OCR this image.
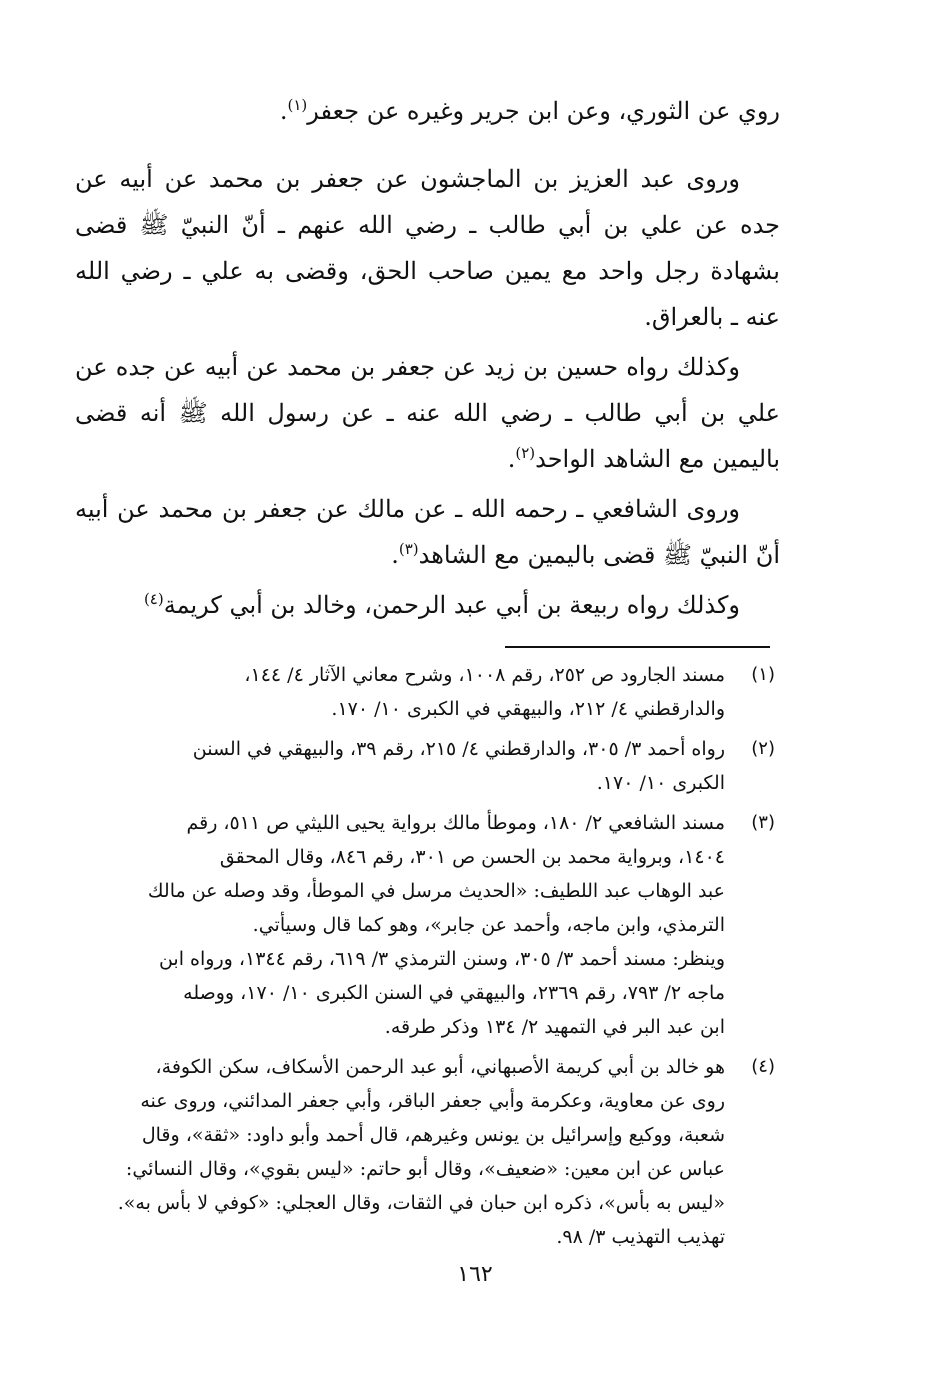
روي عن الثوري، وعن ابن جرير وغيره عن جعفر$^{(١)}$.

وروى عبد العزيز بن الماجشون عن جعفر بن محمد عن أبيه عن جده عن علي بن أبي طالب ـ رضي الله عنهم ـ أنّ النبيّ ﷺ قضى بشهادة رجل واحد مع يمين صاحب الحق، وقضى به علي ـ رضي الله عنه ـ بالعراق.

وكذلك رواه حسين بن زيد عن جعفر بن محمد عن أبيه عن جده عن علي بن أبي طالب ـ رضي الله عنه ـ عن رسول الله ﷺ أنه قضى باليمين مع الشاهد الواحد$^{(٢)}$.

وروى الشافعي ـ رحمه الله ـ عن مالك عن جعفر بن محمد عن أبيه أنّ النبيّ ﷺ قضى باليمين مع الشاهد$^{(٣)}$.

وكذلك رواه ربيعة بن أبي عبد الرحمن، وخالد بن أبي كريمة$^{(٤)}$

(١)
مسند الجارود ص ٢٥٢، رقم ١٠٠٨، وشرح معاني الآثار ٤/ ١٤٤،
والدارقطني ٤/ ٢١٢، والبيهقي في الكبرى ١٠/ ١٧٠.
(٢)
رواه أحمد ٣/ ٣٠٥، والدارقطني ٤/ ٢١٥، رقم ٣٩، والبيهقي في السنن
الكبرى ١٠/ ١٧٠.
(٣)
مسند الشافعي ٢/ ١٨٠، وموطأ مالك برواية يحيى الليثي ص ٥١١، رقم
١٤٠٤، وبرواية محمد بن الحسن ص ٣٠١، رقم ٨٤٦، وقال المحقق
عبد الوهاب عبد اللطيف: «الحديث مرسل في الموطأ، وقد وصله عن مالك
الترمذي، وابن ماجه، وأحمد عن جابر»، وهو كما قال وسيأتي.
وينظر: مسند أحمد ٣/ ٣٠٥، وسنن الترمذي ٣/ ٦١٩، رقم ١٣٤٤، ورواه ابن
ماجه ٢/ ٧٩٣، رقم ٢٣٦٩، والبيهقي في السنن الكبرى ١٠/ ١٧٠، ووصله
ابن عبد البر في التمهيد ٢/ ١٣٤ وذكر طرقه.
(٤)
هو خالد بن أبي كريمة الأصبهاني، أبو عبد الرحمن الأسكاف، سكن الكوفة،
روى عن معاوية، وعكرمة وأبي جعفر الباقر، وأبي جعفر المدائني، وروى عنه
شعبة، ووكيع وإسرائيل بن يونس وغيرهم، قال أحمد وأبو داود: «ثقة»، وقال
عباس عن ابن معين: «ضعيف»، وقال أبو حاتم: «ليس بقوي»، وقال النسائي:
«ليس به بأس»، ذكره ابن حبان في الثقات، وقال العجلي: «كوفي لا بأس به».
تهذيب التهذيب ٣/ ٩٨.
١٦٢
